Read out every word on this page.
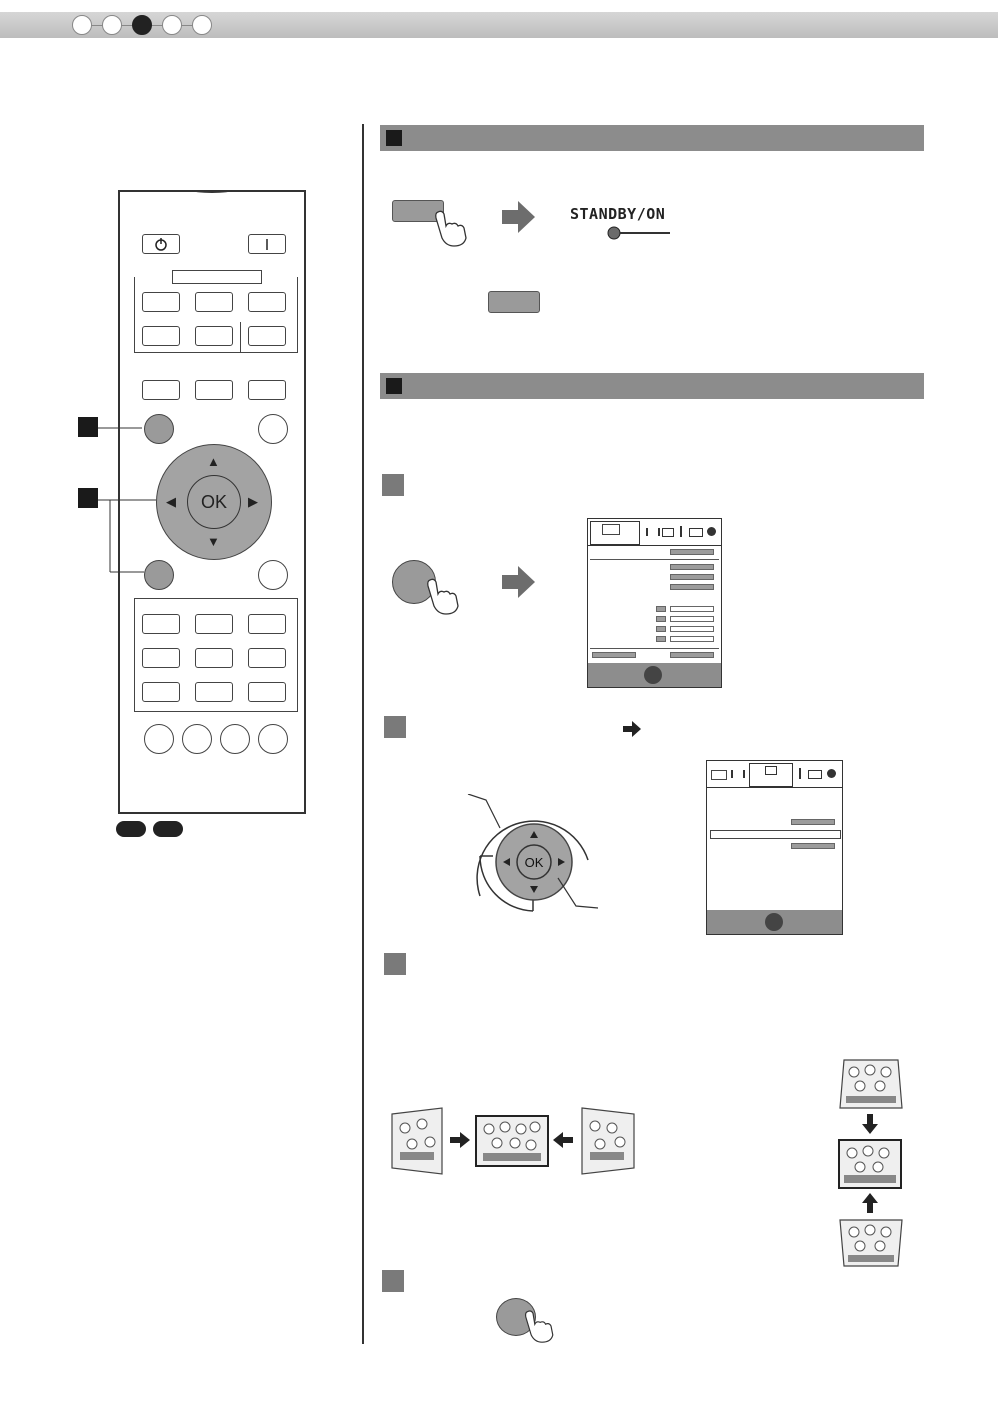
OK
▲
▼
◀	▶
STANDBY/ON
OK
